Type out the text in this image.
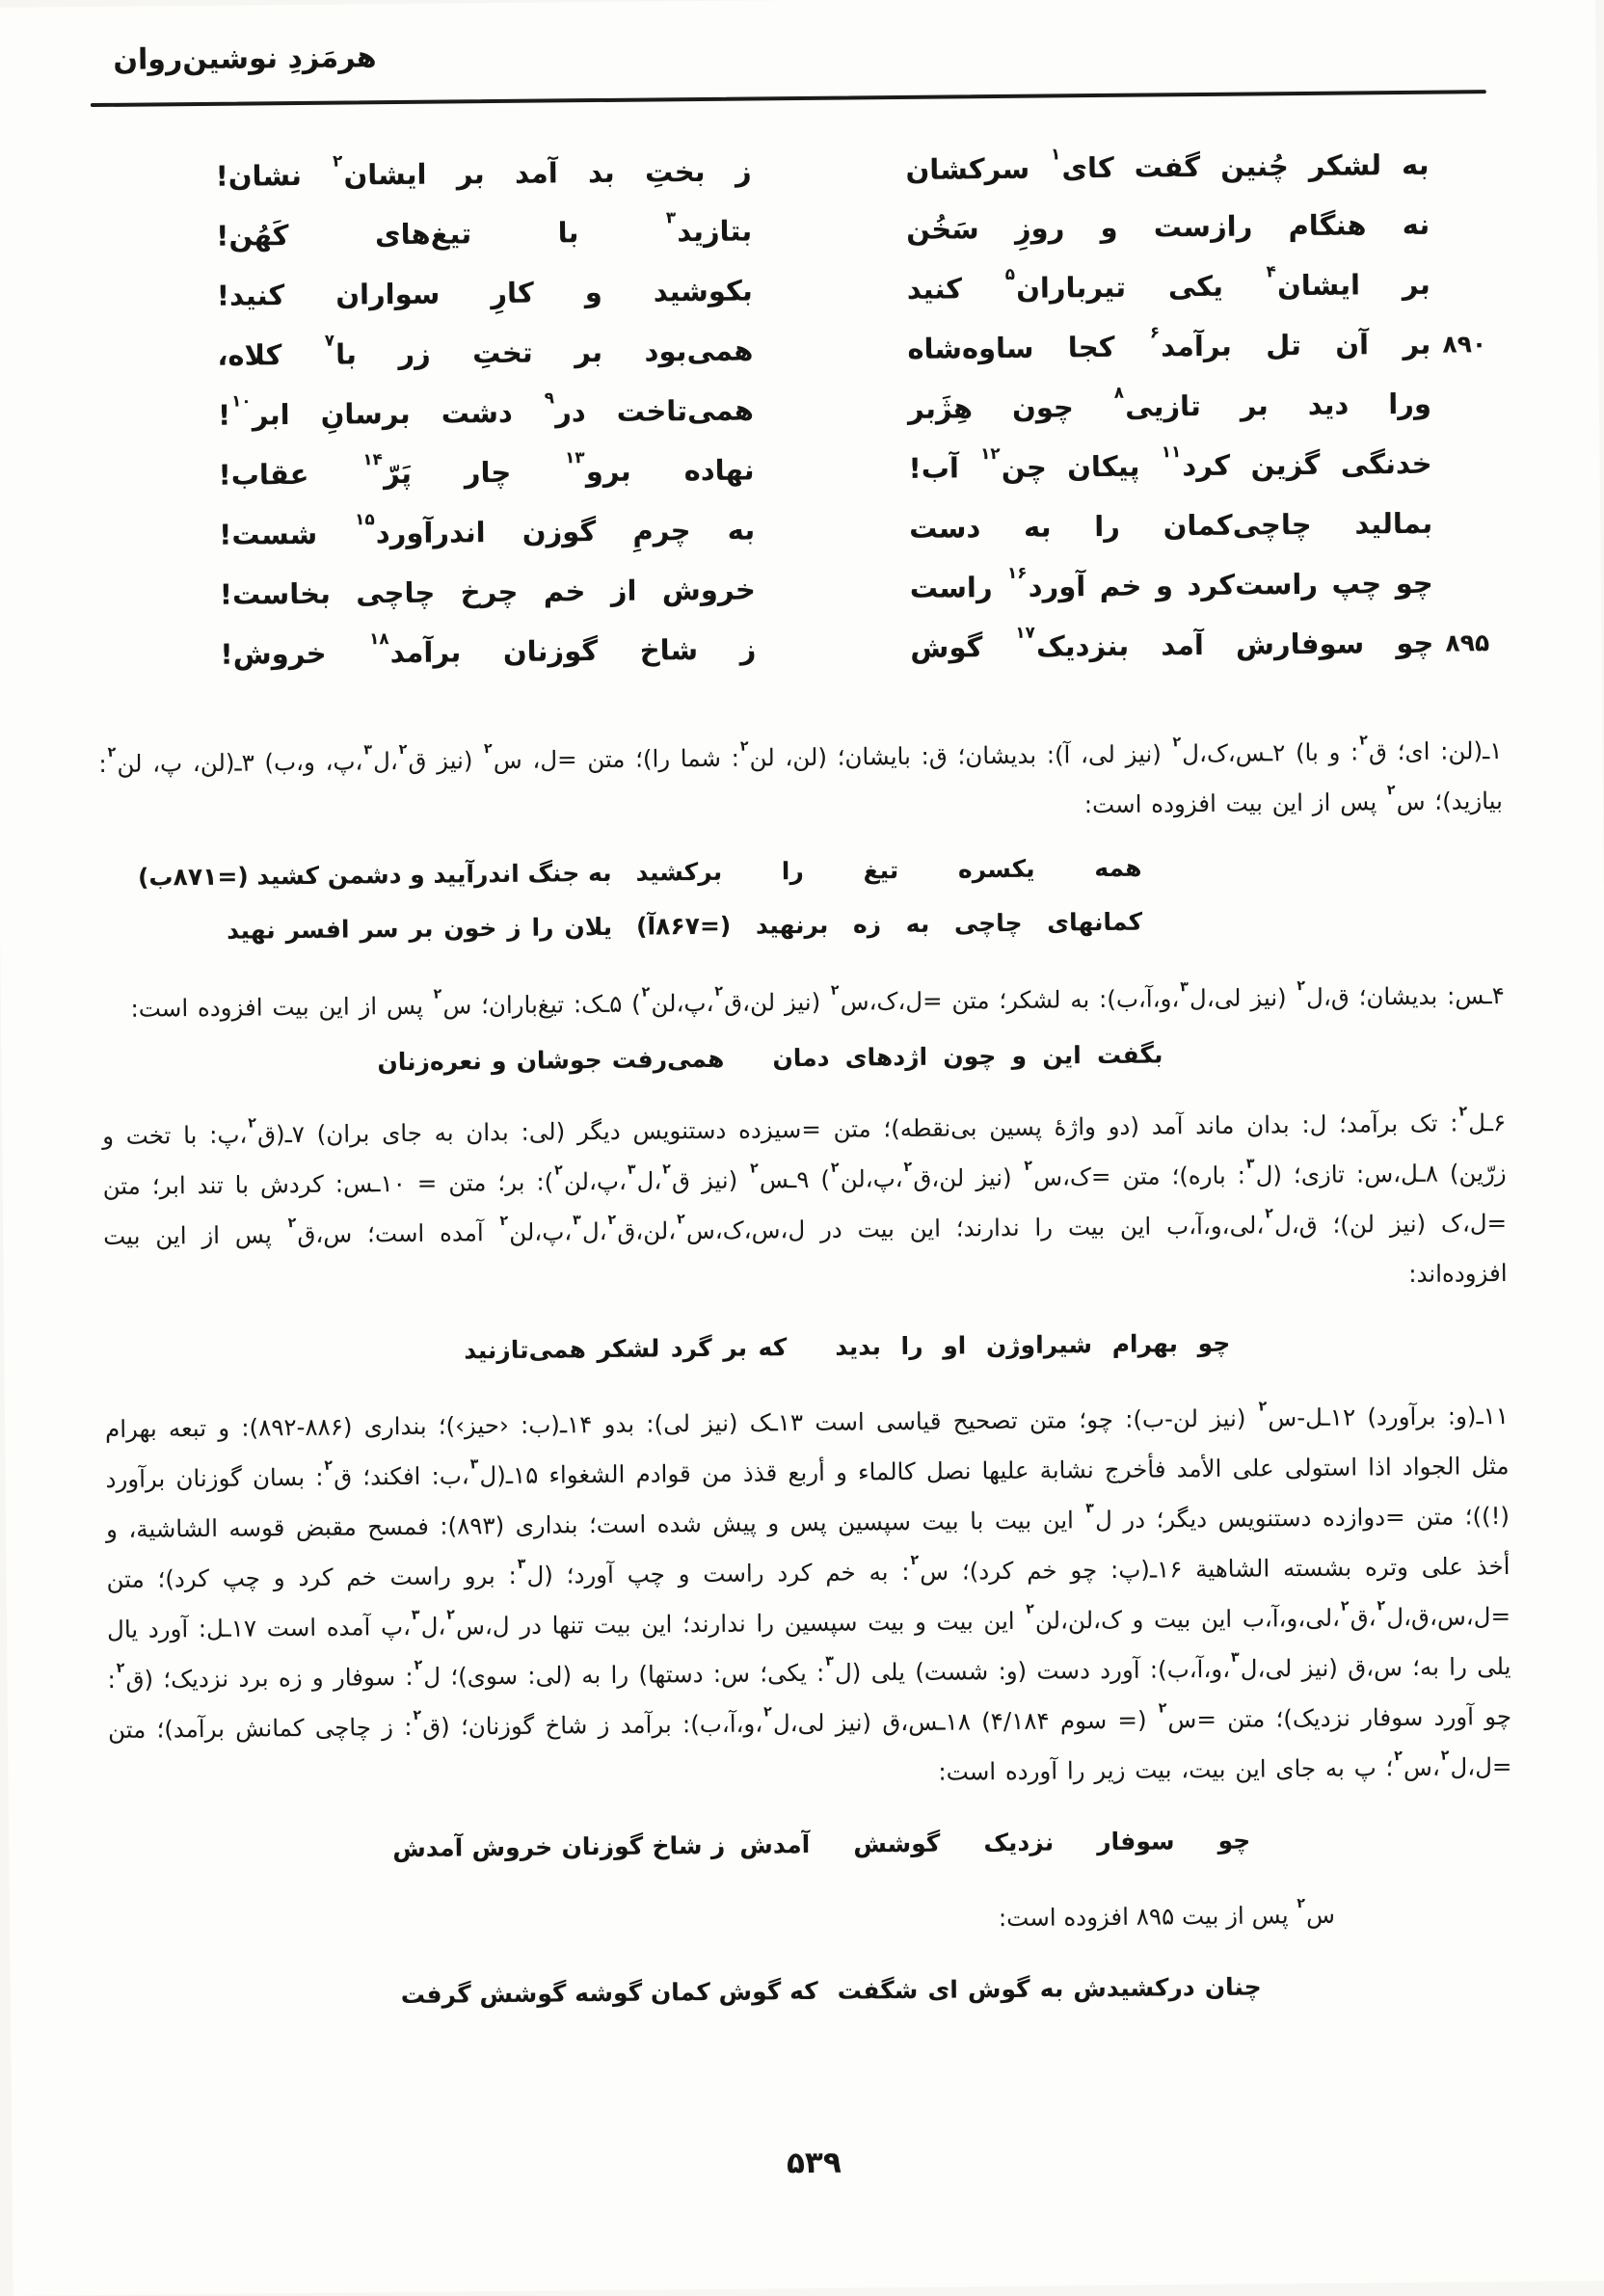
هرمَزدِ نوشین‌روان
به لشکر چُنین گفت کای$^۱$ سرکشان
ز بختِ بد آمد بر ایشان$^۲$ نشان!
نه هنگام رازست و روزِ سَخُن
بتازید$^۳$ با تیغ‌های کَهُن!
بر ایشان$^۴$ یکی تیرباران$^۵$ کنید
بکوشید و کارِ سواران کنید!
۸۹۰
بر آن تل برآمد$^۶$ کجا ساوه‌شاه
همی‌بود بر تختِ زر با$^۷$ کلاه،
ورا دید بر تازیی$^۸$ چون هِژَبر
همی‌تاخت در$^۹$ دشت برسانِ ابر$^{۱۰}$!
خدنگی گزین کرد$^{۱۱}$ پیکان چن$^{۱۲}$ آب!
نهاده برو$^{۱۳}$ چار پَرّ$^{۱۴}$ عقاب!
بمالید چاچی‌کمان را به دست
به چرمِ گوزن اندرآورد$^{۱۵}$ شست!
چو چپ راست‌کرد و خم آورد$^{۱۶}$ راست
خروش از خم چرخ چاچی بخاست!
۸۹۵
چو سوفارش آمد بنزدیک$^{۱۷}$ گوش
ز شاخ گوزنان برآمد$^{۱۸}$ خروش!
۱ـ(لن: ای؛ ق$^۲$: و با) ۲ـس،ک،ل$^۲$ (نیز لی، آ): بدیشان؛ ق: بایشان؛ (لن، لن$^۲$: شما را)؛ متن =ل، س$^۲$ (نیز ق$^۲$،ل$^۳$،پ، و،ب) ۳ـ(لن، پ، لن$^۲$: بیازید)؛ س$^۲$ پس از این بیت افزوده است:
همه یکسره تیغ را برکشید
به جنگ اندرآیید و دشمن کشید (=۸۷۱ب)
کمانهای چاچی به زه برنهید (=۸۶۷آ)
یلان را ز خون بر سر افسر نهید
۴ـس: بدیشان؛ ق،ل$^۲$ (نیز لی،ل$^۳$،و،آ،ب): به لشکر؛ متن =ل،ک،س$^۲$ (نیز لن،ق$^۲$،پ،لن$^۲$) ۵ـک: تیغ‌باران؛ س$^۲$ پس از این بیت افزوده است:
بگفت این و چون اژدهای دمان
همی‌رفت جوشان و نعره‌زنان
۶ـل$^۲$: تک برآمد؛ ل: بدان ماند آمد (دو واژهٔ پسین بی‌نقطه)؛ متن =سیزده دستنویس دیگر (لی: بدان به جای بران) ۷ـ(ق$^۲$،پ: با تخت و زرّین) ۸ـل،س: تازی؛ (ل$^۳$: باره)؛ متن =ک،س$^۲$ (نیز لن،ق$^۲$،پ،لن$^۲$) ۹ـس$^۲$ (نیز ق$^۲$،ل$^۳$،پ،لن$^۲$): بر؛ متن = ۱۰ـس: کردش با تند ابر؛ متن =ل،ک (نیز لن)؛ ق،ل$^۲$،لی،و،آ،ب این بیت را ندارند؛ این بیت در ل،س،ک،س$^۲$،لن،ق$^۲$،ل$^۳$،پ،لن$^۲$ آمده است؛ س،ق$^۲$ پس از این بیت افزوده‌اند:
چو بهرام شیراوژن او را بدید
که بر گرد لشکر همی‌تازنید
۱۱ـ(و: برآورد) ۱۲ـل-س$^۲$ (نیز لن-ب): چو؛ متن تصحیح قیاسی است ۱۳ـک (نیز لی): بدو ۱۴ـ(ب: ‹حیز›)؛ بنداری (۸۸۶-۸۹۲): و تبعه بهرام مثل الجواد اذا استولی علی الأمد فأخرج نشابة علیها نصل کالماء و أربع قذذ من قوادم الشغواء ۱۵ـ(ل$^۳$،ب: افکند؛ ق$^۲$: بسان گوزنان برآورد (!))؛ متن =دوازده دستنویس دیگر؛ در ل$^۳$ این بیت با بیت سپسین پس و پیش شده است؛ بنداری (۸۹۳): فمسح مقبض قوسه الشاشیة، و أخذ علی وتره بشسته الشاهیة ۱۶ـ(پ: چو خم کرد)؛ س$^۲$: به خم کرد راست و چپ آورد؛ (ل$^۳$: برو راست خم کرد و چپ کرد)؛ متن =ل،س،ق،ل$^۲$،ق$^۲$،لی،و،آ،ب این بیت و ک،لن،لن$^۲$ این بیت و بیت سپسین را ندارند؛ این بیت تنها در ل،س$^۲$،ل$^۳$،پ آمده است ۱۷ـل: آورد یال یلی را به؛ س،ق (نیز لی،ل$^۳$،و،آ،ب): آورد دست (و: شست) یلی (ل$^۳$: یکی؛ س: دستها) را به (لی: سوی)؛ ل$^۲$: سوفار و زه برد نزدیک؛ (ق$^۲$: چو آورد سوفار نزدیک)؛ متن =س$^۲$ (= سوم ۴/۱۸۴) ۱۸ـس،ق (نیز لی،ل$^۲$،و،آ،ب): برآمد ز شاخ گوزنان؛ (ق$^۲$: ز چاچی کمانش برآمد)؛ متن =ل،ل$^۲$،س$^۲$؛ پ به جای این بیت، بیت زیر را آورده است:
چو سوفار نزدیک گوشش آمدش
ز شاخ گوزنان خروش آمدش
س$^۲$ پس از بیت ۸۹۵ افزوده است:
چنان درکشیدش به گوش ای شگفت
که گوش کمان گوشه گوشش گرفت
۵۳۹
